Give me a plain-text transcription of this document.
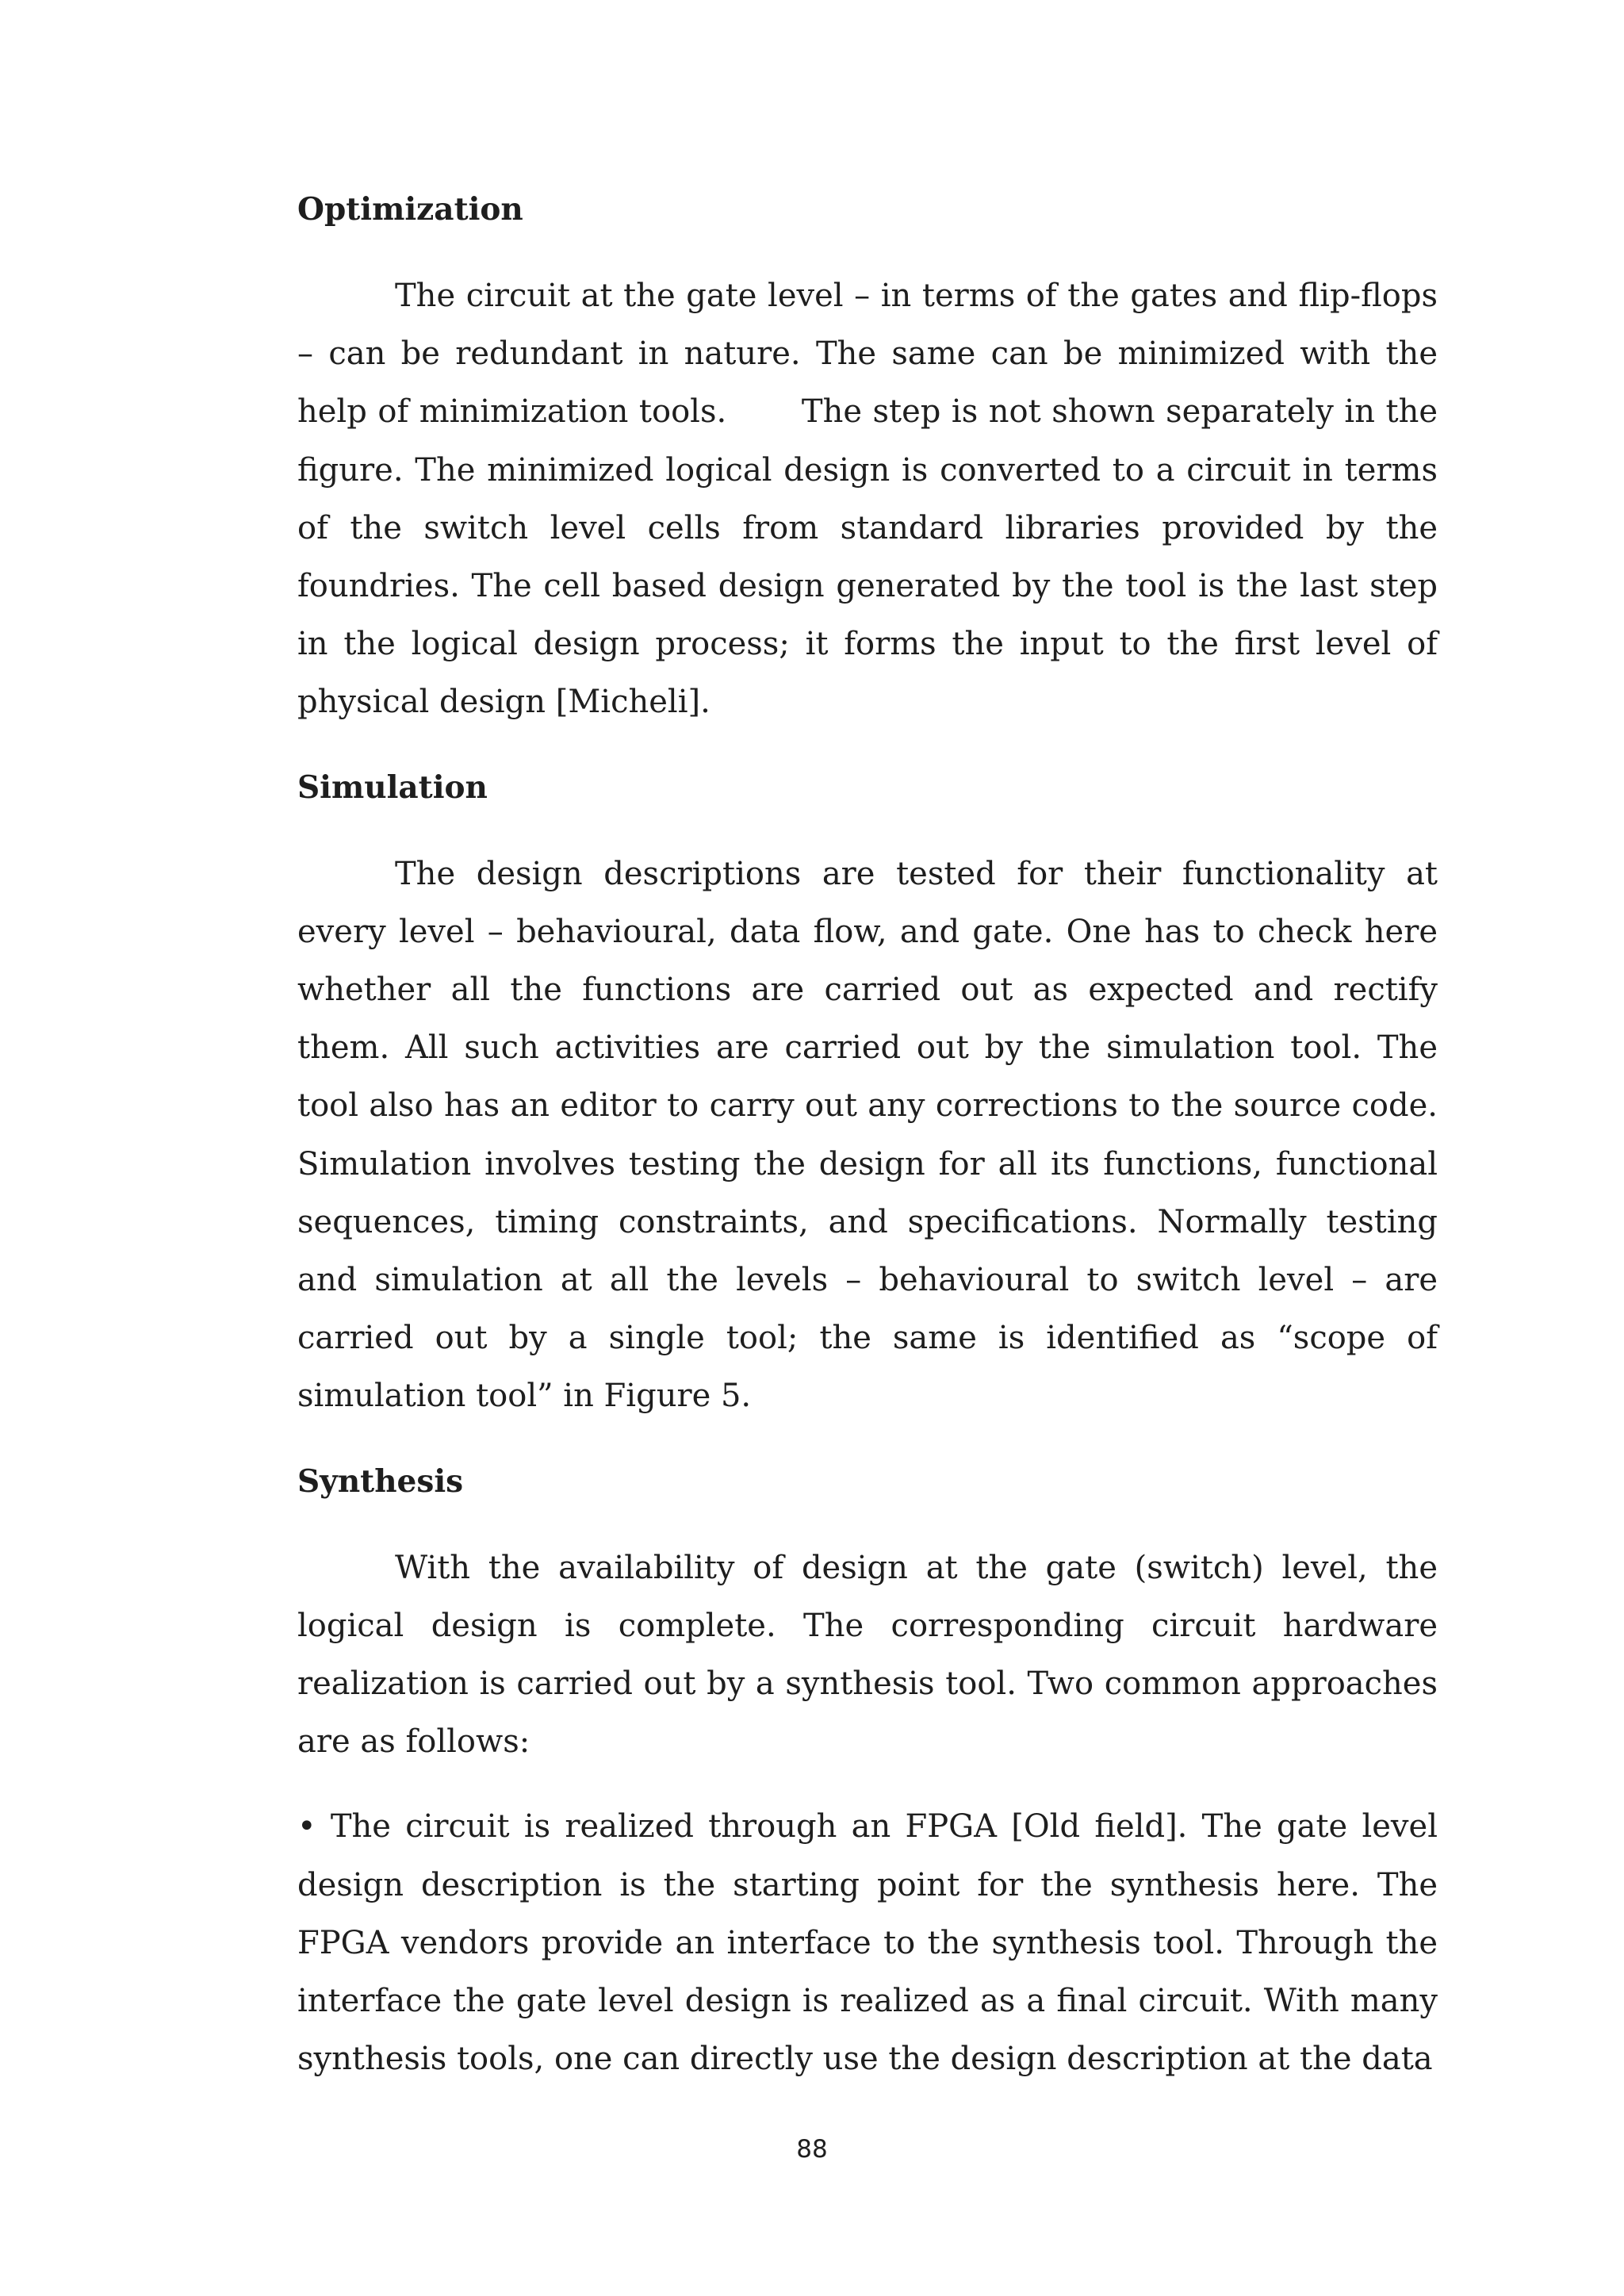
Optimization

The circuit at the gate level – in terms of the gates and flip-flops – can be redundant in nature. The same can be minimized with the help of minimization tools.       The step is not shown separately in the figure. The minimized logical design is converted to a circuit in terms of the switch level cells from standard libraries provided by the foundries. The cell based design generated by the tool is the last step in the logical design process; it forms the input to the first level of physical design [Micheli].

Simulation

The design descriptions are tested for their functionality at every level – behavioural, data flow, and gate. One has to check here whether all the functions are carried out as expected and rectify them. All such activities are carried out by the simulation tool. The tool also has an editor to carry out any corrections to the source code. Simulation involves testing the design for all its functions, functional sequences, timing constraints, and specifications. Normally testing and simulation at all the levels – behavioural to switch level – are carried out by a single tool; the same is identified as “scope of simulation tool” in Figure 5.

Synthesis

With the availability of design at the gate (switch) level, the logical design is complete. The corresponding circuit hardware realization is carried out by a synthesis tool. Two common approaches are as follows:

• The circuit is realized through an FPGA [Old field]. The gate level design description is the starting point for the synthesis here. The FPGA vendors provide an interface to the synthesis tool. Through the interface the gate level design is realized as a final circuit. With many synthesis tools, one can directly use the design description at the data

88
